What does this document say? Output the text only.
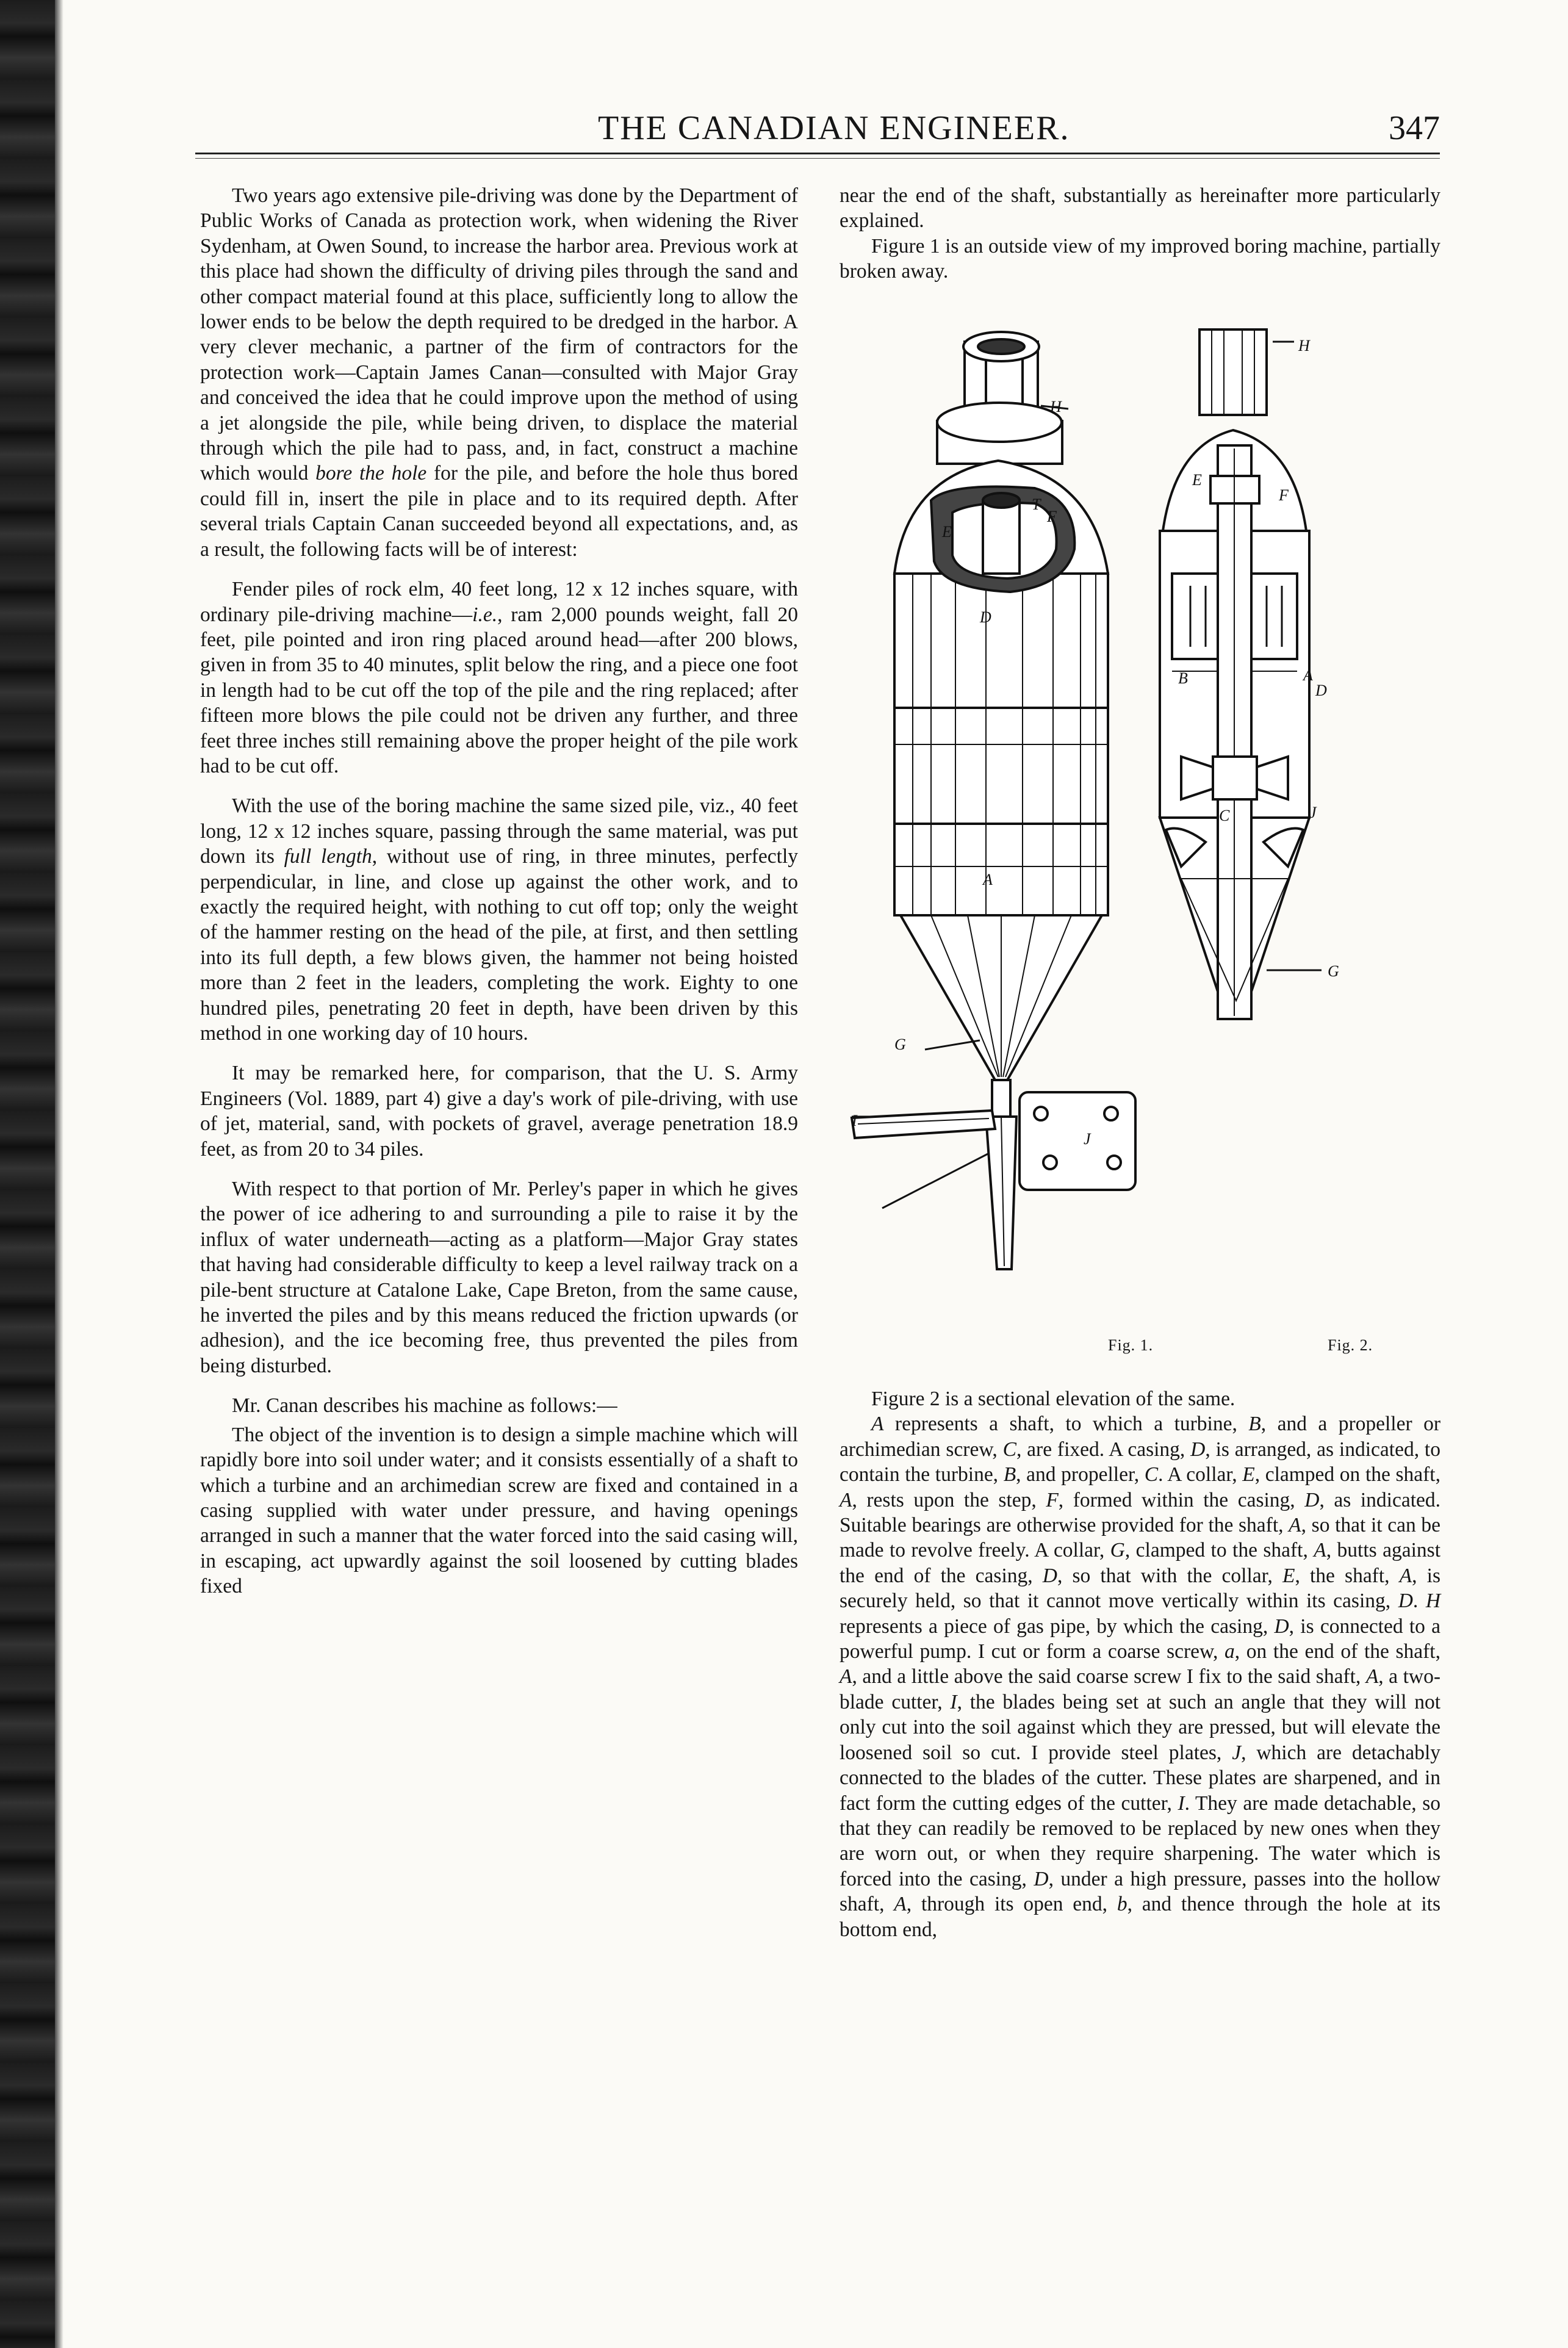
THE CANADIAN ENGINEER.	347

Two years ago extensive pile-driving was done by the Department of Public Works of Canada as protection work, when widening the River Sydenham, at Owen Sound, to increase the harbor area. Previous work at this place had shown the difficulty of driving piles through the sand and other compact material found at this place, sufficiently long to allow the lower ends to be below the depth required to be dredged in the harbor. A very clever mechanic, a partner of the firm of contractors for the protection work—Captain James Canan—consulted with Major Gray and conceived the idea that he could improve upon the method of using a jet alongside the pile, while being driven, to displace the material through which the pile had to pass, and, in fact, construct a machine which would bore the hole for the pile, and before the hole thus bored could fill in, insert the pile in place and to its required depth. After several trials Captain Canan succeeded beyond all expectations, and, as a result, the following facts will be of interest:

Fender piles of rock elm, 40 feet long, 12 x 12 inches square, with ordinary pile-driving machine—i.e., ram 2,000 pounds weight, fall 20 feet, pile pointed and iron ring placed around head—after 200 blows, given in from 35 to 40 minutes, split below the ring, and a piece one foot in length had to be cut off the top of the pile and the ring replaced; after fifteen more blows the pile could not be driven any further, and three feet three inches still remaining above the proper height of the pile work had to be cut off.

With the use of the boring machine the same sized pile, viz., 40 feet long, 12 x 12 inches square, passing through the same material, was put down its full length, without use of ring, in three minutes, perfectly perpendicular, in line, and close up against the other work, and to exactly the required height, with nothing to cut off top; only the weight of the hammer resting on the head of the pile, at first, and then settling into its full depth, a few blows given, the hammer not being hoisted more than 2 feet in the leaders, completing the work. Eighty to one hundred piles, penetrating 20 feet in depth, have been driven by this method in one working day of 10 hours.

It may be remarked here, for comparison, that the U. S. Army Engineers (Vol. 1889, part 4) give a day's work of pile-driving, with use of jet, material, sand, with pockets of gravel, average penetration 18.9 feet, as from 20 to 34 piles.

With respect to that portion of Mr. Perley's paper in which he gives the power of ice adhering to and surrounding a pile to raise it by the influx of water underneath—acting as a platform—Major Gray states that having had considerable difficulty to keep a level railway track on a pile-bent structure at Catalone Lake, Cape Breton, from the same cause, he inverted the piles and by this means reduced the friction upwards (or adhesion), and the ice becoming free, thus prevented the piles from being disturbed.

Mr. Canan describes his machine as follows:—

The object of the invention is to design a simple machine which will rapidly bore into soil under water; and it consists essentially of a shaft to which a turbine and an archimedian screw are fixed and contained in a casing supplied with water under pressure, and having openings arranged in such a manner that the water forced into the said casing will, in escaping, act upwardly against the soil loosened by cutting blades fixed

near the end of the shaft, substantially as hereinafter more particularly explained.

Figure 1 is an outside view of my improved boring machine, partially broken away.

H
H
E
E
F
F
T
D
D
A
A
B
C	J
J
I
G
G
Fig. 1.	Fig. 2.

Figure 2 is a sectional elevation of the same.

A represents a shaft, to which a turbine, B, and a propeller or archimedian screw, C, are fixed. A casing, D, is arranged, as indicated, to contain the turbine, B, and propeller, C. A collar, E, clamped on the shaft, A, rests upon the step, F, formed within the casing, D, as indicated. Suitable bearings are otherwise provided for the shaft, A, so that it can be made to revolve freely. A collar, G, clamped to the shaft, A, butts against the end of the casing, D, so that with the collar, E, the shaft, A, is securely held, so that it cannot move vertically within its casing, D. H represents a piece of gas pipe, by which the casing, D, is connected to a powerful pump. I cut or form a coarse screw, a, on the end of the shaft, A, and a little above the said coarse screw I fix to the said shaft, A, a two-blade cutter, I, the blades being set at such an angle that they will not only cut into the soil against which they are pressed, but will elevate the loosened soil so cut. I provide steel plates, J, which are detachably connected to the blades of the cutter. These plates are sharpened, and in fact form the cutting edges of the cutter, I. They are made detachable, so that they can readily be removed to be replaced by new ones when they are worn out, or when they require sharpening. The water which is forced into the casing, D, under a high pressure, passes into the hollow shaft, A, through its open end, b, and thence through the hole at its bottom end,
